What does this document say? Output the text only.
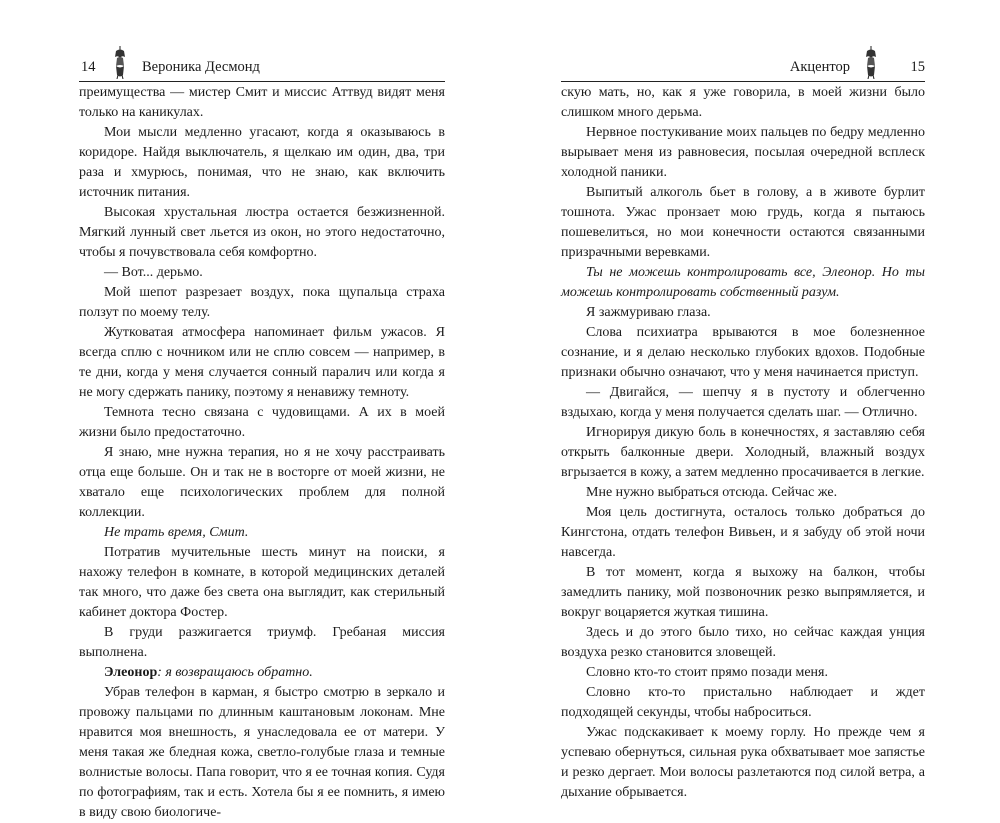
14	Вероника Десмонд

преимущества — мистер Смит и миссис Аттвуд видят меня только на каникулах.

Мои мысли медленно угасают, когда я оказываюсь в коридоре. Найдя выключатель, я щелкаю им один, два, три раза и хмурюсь, понимая, что не знаю, как включить источник питания.

Высокая хрустальная люстра остается безжизненной. Мягкий лунный свет льется из окон, но этого недостаточно, чтобы я почувствовала себя комфортно.

— Вот... дерьмо.

Мой шепот разрезает воздух, пока щупальца страха ползут по моему телу.

Жутковатая атмосфера напоминает фильм ужасов. Я всегда сплю с ночником или не сплю совсем — например, в те дни, когда у меня случается сонный паралич или когда я не могу сдержать панику, поэтому я ненавижу темноту.

Темнота тесно связана с чудовищами. А их в моей жизни было предостаточно.

Я знаю, мне нужна терапия, но я не хочу расстраивать отца еще больше. Он и так не в восторге от моей жизни, не хватало еще психологических проблем для полной коллекции.

Не трать время, Смит.

Потратив мучительные шесть минут на поиски, я нахожу телефон в комнате, в которой медицинских деталей так много, что даже без света она выглядит, как стерильный кабинет доктора Фостер.

В груди разжигается триумф. Гребаная миссия выполнена.

Элеонор: я возвращаюсь обратно.

Убрав телефон в карман, я быстро смотрю в зеркало и провожу пальцами по длинным каштановым локонам. Мне нравится моя внешность, я унаследовала ее от матери. У меня такая же бледная кожа, светло-голубые глаза и темные волнистые волосы. Папа говорит, что я ее точная копия. Судя по фотографиям, так и есть. Хотела бы я ее помнить, я имею в виду свою биологиче-

Акцентор	15

скую мать, но, как я уже говорила, в моей жизни было слишком много дерьма.

Нервное постукивание моих пальцев по бедру медленно вырывает меня из равновесия, посылая очередной всплеск холодной паники.

Выпитый алкоголь бьет в голову, а в животе бурлит тошнота. Ужас пронзает мою грудь, когда я пытаюсь пошевелиться, но мои конечности остаются связанными призрачными веревками.

Ты не можешь контролировать все, Элеонор. Но ты можешь контролировать собственный разум.

Я зажмуриваю глаза.

Слова психиатра врываются в мое болезненное сознание, и я делаю несколько глубоких вдохов. Подобные признаки обычно означают, что у меня начинается приступ.

— Двигайся, — шепчу я в пустоту и облегченно вздыхаю, когда у меня получается сделать шаг. — Отлично.

Игнорируя дикую боль в конечностях, я заставляю себя открыть балконные двери. Холодный, влажный воздух вгрызается в кожу, а затем медленно просачивается в легкие.

Мне нужно выбраться отсюда. Сейчас же.

Моя цель достигнута, осталось только добраться до Кингстона, отдать телефон Вивьен, и я забуду об этой ночи навсегда.

В тот момент, когда я выхожу на балкон, чтобы замедлить панику, мой позвоночник резко выпрямляется, и вокруг воцаряется жуткая тишина.

Здесь и до этого было тихо, но сейчас каждая унция воздуха резко становится зловещей.

Словно кто-то стоит прямо позади меня.

Словно кто-то пристально наблюдает и ждет подходящей секунды, чтобы наброситься.

Ужас подскакивает к моему горлу. Но прежде чем я успеваю обернуться, сильная рука обхватывает мое запястье и резко дергает. Мои волосы разлетаются под силой ветра, а дыхание обрывается.
